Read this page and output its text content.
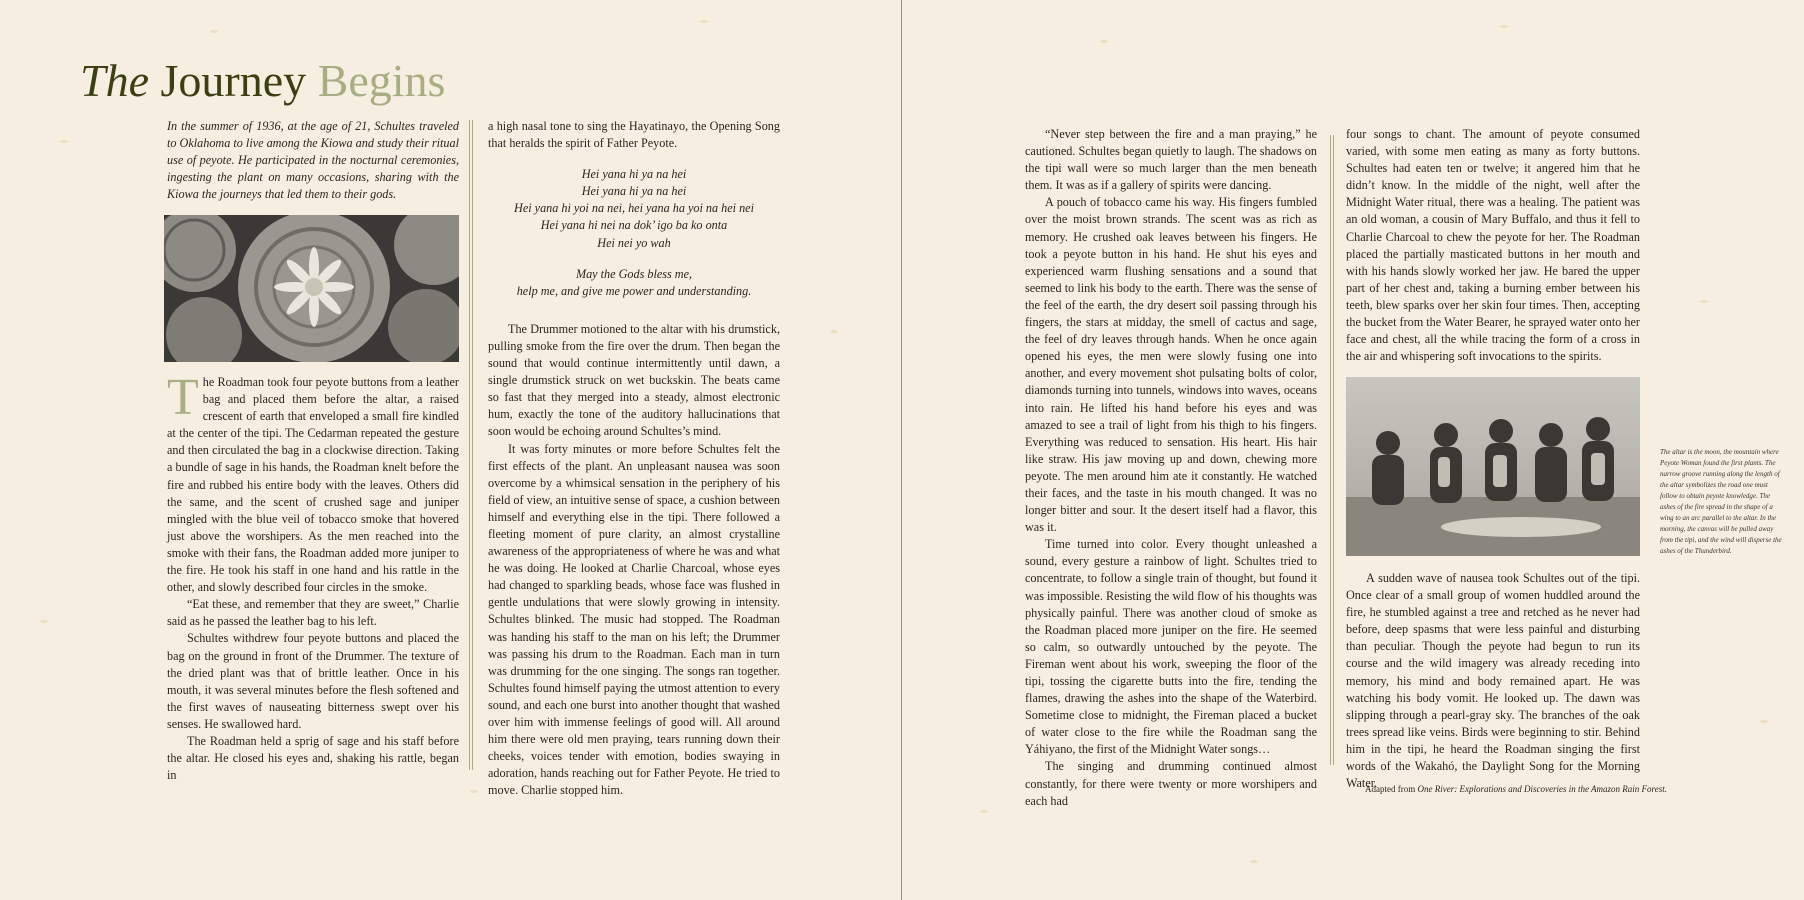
The Journey Begins

In the summer of 1936, at the age of 21, Schultes traveled to Oklahoma to live among the Kiowa and study their ritual use of peyote. He participated in the nocturnal ceremonies, ingesting the plant on many occasions, sharing with the Kiowa the journeys that led them to their gods.

The Roadman took four peyote buttons from a leather bag and placed them before the altar, a raised crescent of earth that enveloped a small fire kindled at the center of the tipi. The Cedarman repeated the gesture and then circulated the bag in a clockwise direction. Taking a bundle of sage in his hands, the Roadman knelt before the fire and rubbed his entire body with the leaves. Others did the same, and the scent of crushed sage and juniper mingled with the blue veil of tobacco smoke that hovered just above the worshipers. As the men reached into the smoke with their fans, the Roadman added more juniper to the fire. He took his staff in one hand and his rattle in the other, and slowly described four circles in the smoke.

“Eat these, and remember that they are sweet,” Charlie said as he passed the leather bag to his left.

Schultes withdrew four peyote buttons and placed the bag on the ground in front of the Drummer. The texture of the dried plant was that of brittle leather. Once in his mouth, it was several minutes before the flesh softened and the first waves of nauseating bitterness swept over his senses. He swallowed hard.

The Roadman held a sprig of sage and his staff before the altar. He closed his eyes and, shaking his rattle, began in

a high nasal tone to sing the Hayatinayo, the Opening Song that heralds the spirit of Father Peyote.

Hei yana hi ya na hei
Hei yana hi ya na hei
Hei yana hi yoi na nei, hei yana ha yoi na hei nei
Hei yana hi nei na dok’ igo ba ko onta
Hei nei yo wah

May the Gods bless me,
help me, and give me power and understanding.

The Drummer motioned to the altar with his drumstick, pulling smoke from the fire over the drum. Then began the sound that would continue intermittently until dawn, a single drumstick struck on wet buckskin. The beats came so fast that they merged into a steady, almost electronic hum, exactly the tone of the auditory hallucinations that soon would be echoing around Schultes’s mind.

It was forty minutes or more before Schultes felt the first effects of the plant. An unpleasant nausea was soon overcome by a whimsical sensation in the periphery of his field of view, an intuitive sense of space, a cushion between himself and everything else in the tipi. There followed a fleeting moment of pure clarity, an almost crystalline awareness of the appropriateness of where he was and what he was doing. He looked at Charlie Charcoal, whose eyes had changed to sparkling beads, whose face was flushed in gentle undulations that were slowly growing in intensity. Schultes blinked. The music had stopped. The Roadman was handing his staff to the man on his left; the Drummer was passing his drum to the Roadman. Each man in turn was drumming for the one singing. The songs ran together. Schultes found himself paying the utmost attention to every sound, and each one burst into another thought that washed over him with immense feelings of good will. All around him there were old men praying, tears running down their cheeks, voices tender with emotion, bodies swaying in adoration, hands reaching out for Father Peyote. He tried to move. Charlie stopped him.

“Never step between the fire and a man praying,” he cautioned. Schultes began quietly to laugh. The shadows on the tipi wall were so much larger than the men beneath them. It was as if a gallery of spirits were dancing.

A pouch of tobacco came his way. His fingers fumbled over the moist brown strands. The scent was as rich as memory. He crushed oak leaves between his fingers. He took a peyote button in his hand. He shut his eyes and experienced warm flushing sensations and a sound that seemed to link his body to the earth. There was the sense of the feel of the earth, the dry desert soil passing through his fingers, the stars at midday, the smell of cactus and sage, the feel of dry leaves through hands. When he once again opened his eyes, the men were slowly fusing one into another, and every movement shot pulsating bolts of color, diamonds turning into tunnels, windows into waves, oceans into rain. He lifted his hand before his eyes and was amazed to see a trail of light from his thigh to his fingers. Everything was reduced to sensation. His heart. His hair like straw. His jaw moving up and down, chewing more peyote. The men around him ate it constantly. He watched their faces, and the taste in his mouth changed. It was no longer bitter and sour. It the desert itself had a flavor, this was it.

Time turned into color. Every thought unleashed a sound, every gesture a rainbow of light. Schultes tried to concentrate, to follow a single train of thought, but found it was impossible. Resisting the wild flow of his thoughts was physically painful. There was another cloud of smoke as the Roadman placed more juniper on the fire. He seemed so calm, so outwardly untouched by the peyote. The Fireman went about his work, sweeping the floor of the tipi, tossing the cigarette butts into the fire, tending the flames, drawing the ashes into the shape of the Waterbird. Sometime close to midnight, the Fireman placed a bucket of water close to the fire while the Roadman sang the Yáhiyano, the first of the Midnight Water songs…

The singing and drumming continued almost constantly, for there were twenty or more worshipers and each had

four songs to chant. The amount of peyote consumed varied, with some men eating as many as forty buttons. Schultes had eaten ten or twelve; it angered him that he didn’t know. In the middle of the night, well after the Midnight Water ritual, there was a healing. The patient was an old woman, a cousin of Mary Buffalo, and thus it fell to Charlie Charcoal to chew the peyote for her. The Roadman placed the partially masticated buttons in her mouth and with his hands slowly worked her jaw. He bared the upper part of her chest and, taking a burning ember between his teeth, blew sparks over her skin four times. Then, accepting the bucket from the Water Bearer, he sprayed water onto her face and chest, all the while tracing the form of a cross in the air and whispering soft invocations to the spirits.

The altar is the moon, the mountain where Peyote Woman found the first plants. The narrow groove running along the length of the altar symbolizes the road one must follow to obtain peyote knowledge. The ashes of the fire spread in the shape of a wing to an arc parallel to the altar. In the morning, the canvas will be pulled away from the tipi, and the wind will disperse the ashes of the Thunderbird.

A sudden wave of nausea took Schultes out of the tipi. Once clear of a small group of women huddled around the fire, he stumbled against a tree and retched as he never had before, deep spasms that were less painful and disturbing than peculiar. Though the peyote had begun to run its course and the wild imagery was already receding into memory, his mind and body remained apart. He was watching his body vomit. He looked up. The dawn was slipping through a pearl-gray sky. The branches of the oak trees spread like veins. Birds were beginning to stir. Behind him in the tipi, he heard the Roadman singing the first words of the Wakahó, the Daylight Song for the Morning Water.

Adapted from One River: Explorations and Discoveries in the Amazon Rain Forest.
